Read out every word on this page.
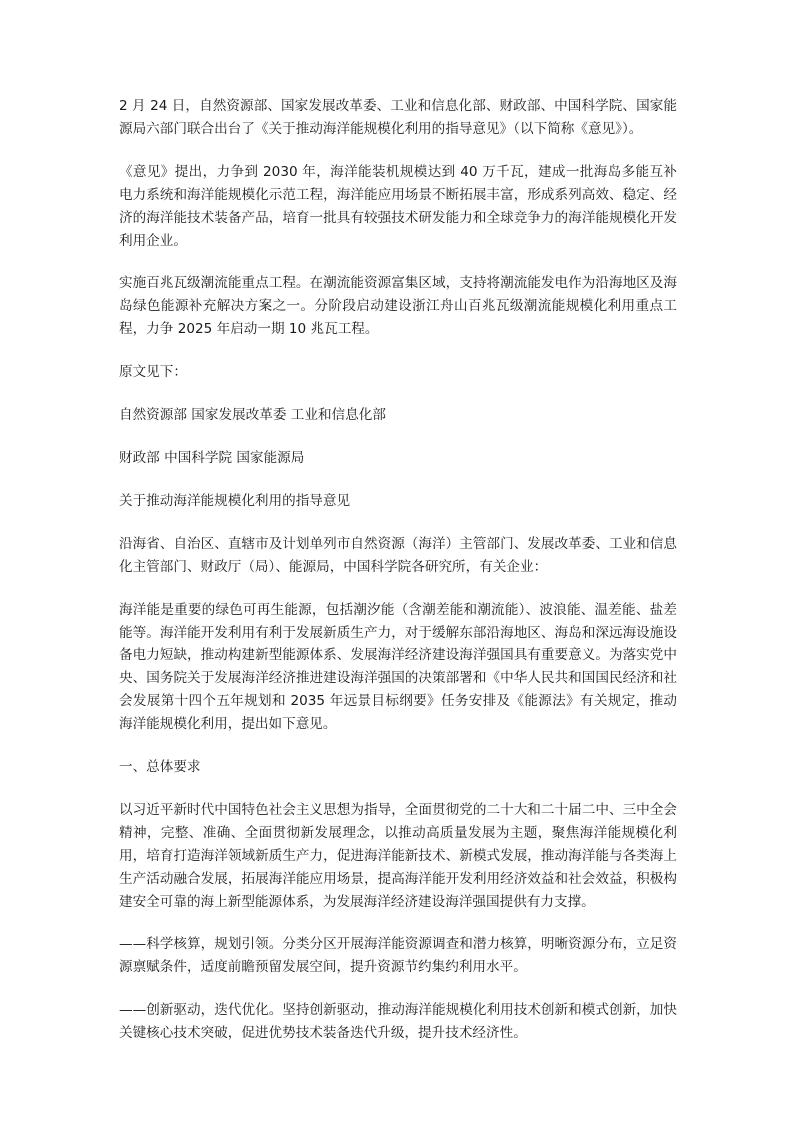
2 月 24 日，自然资源部、国家发展改革委、工业和信息化部、财政部、中国科学院、国家能源局六部门联合出台了《关于推动海洋能规模化利用的指导意见》（以下简称《意见》）。

《意见》提出，力争到 2030 年，海洋能装机规模达到 40 万千瓦，建成一批海岛多能互补电力系统和海洋能规模化示范工程，海洋能应用场景不断拓展丰富，形成系列高效、稳定、经济的海洋能技术装备产品，培育一批具有较强技术研发能力和全球竞争力的海洋能规模化开发利用企业。

实施百兆瓦级潮流能重点工程。在潮流能资源富集区域，支持将潮流能发电作为沿海地区及海岛绿色能源补充解决方案之一。分阶段启动建设浙江舟山百兆瓦级潮流能规模化利用重点工程，力争 2025 年启动一期 10 兆瓦工程。

原文见下：

自然资源部 国家发展改革委 工业和信息化部

财政部 中国科学院 国家能源局

关于推动海洋能规模化利用的指导意见

沿海省、自治区、直辖市及计划单列市自然资源（海洋）主管部门、发展改革委、工业和信息化主管部门、财政厅（局）、能源局，中国科学院各研究所，有关企业：

海洋能是重要的绿色可再生能源，包括潮汐能（含潮差能和潮流能）、波浪能、温差能、盐差能等。海洋能开发利用有利于发展新质生产力，对于缓解东部沿海地区、海岛和深远海设施设备电力短缺，推动构建新型能源体系、发展海洋经济建设海洋强国具有重要意义。为落实党中央、国务院关于发展海洋经济推进建设海洋强国的决策部署和《中华人民共和国国民经济和社会发展第十四个五年规划和 2035 年远景目标纲要》任务安排及《能源法》有关规定，推动海洋能规模化利用，提出如下意见。

一、总体要求

以习近平新时代中国特色社会主义思想为指导，全面贯彻党的二十大和二十届二中、三中全会精神，完整、准确、全面贯彻新发展理念，以推动高质量发展为主题，聚焦海洋能规模化利用，培育打造海洋领域新质生产力，促进海洋能新技术、新模式发展，推动海洋能与各类海上生产活动融合发展，拓展海洋能应用场景，提高海洋能开发利用经济效益和社会效益，积极构建安全可靠的海上新型能源体系，为发展海洋经济建设海洋强国提供有力支撑。

——科学核算，规划引领。分类分区开展海洋能资源调查和潜力核算，明晰资源分布，立足资源禀赋条件，适度前瞻预留发展空间，提升资源节约集约利用水平。

——创新驱动，迭代优化。坚持创新驱动，推动海洋能规模化利用技术创新和模式创新，加快关键核心技术突破，促进优势技术装备迭代升级，提升技术经济性。
